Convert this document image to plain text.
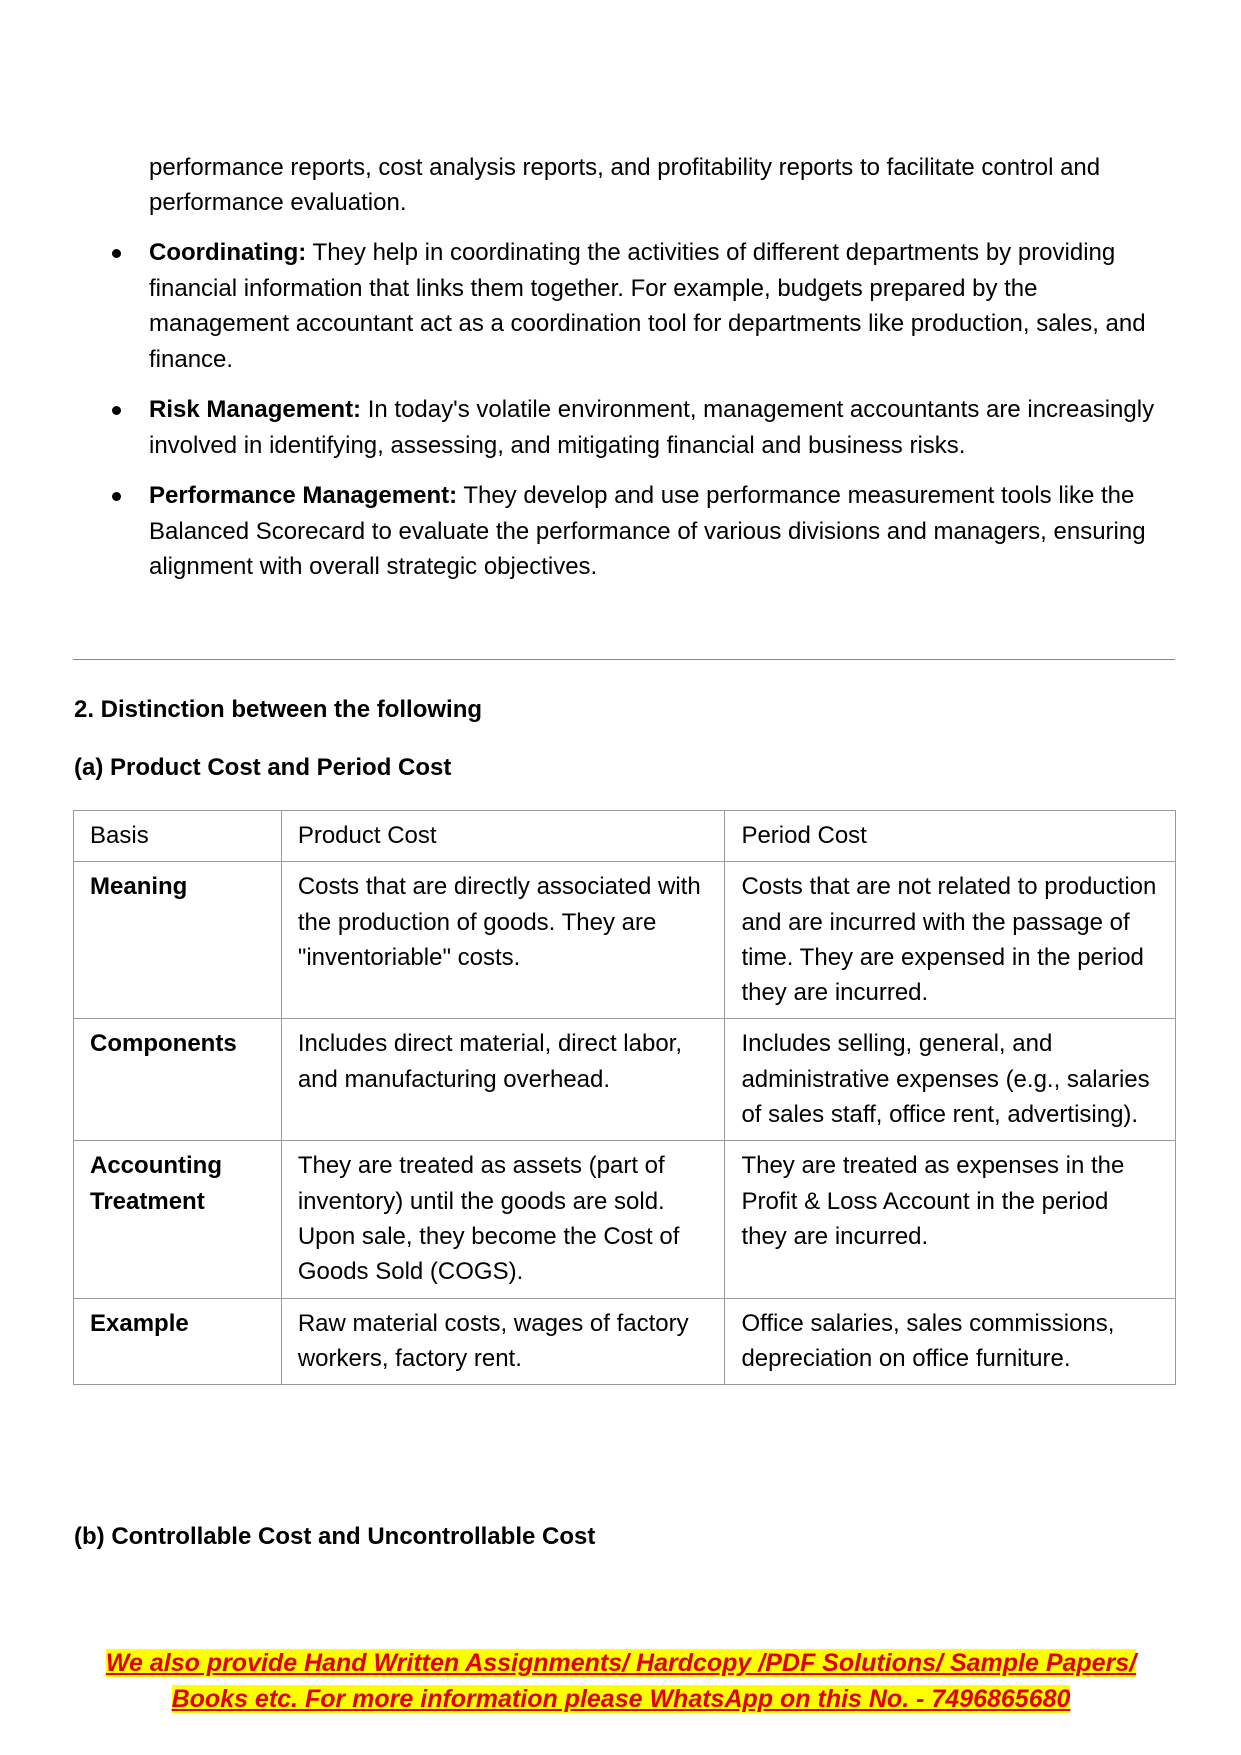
performance reports, cost analysis reports, and profitability reports to facilitate control and performance evaluation.

Coordinating: They help in coordinating the activities of different departments by providing financial information that links them together. For example, budgets prepared by the management accountant act as a coordination tool for departments like production, sales, and finance.
Risk Management: In today's volatile environment, management accountants are increasingly involved in identifying, assessing, and mitigating financial and business risks.
Performance Management: They develop and use performance measurement tools like the Balanced Scorecard to evaluate the performance of various divisions and managers, ensuring alignment with overall strategic objectives.
2. Distinction between the following
(a) Product Cost and Period Cost
Basis	Product Cost	Period Cost
Meaning	Costs that are directly associated with the production of goods. They are "inventoriable" costs.	Costs that are not related to production and are incurred with the passage of time. They are expensed in the period they are incurred.
Components	Includes direct material, direct labor, and manufacturing overhead.	Includes selling, general, and administrative expenses (e.g., salaries of sales staff, office rent, advertising).
Accounting Treatment	They are treated as assets (part of inventory) until the goods are sold. Upon sale, they become the Cost of Goods Sold (COGS).	They are treated as expenses in the Profit & Loss Account in the period they are incurred.
Example	Raw material costs, wages of factory workers, factory rent.	Office salaries, sales commissions, depreciation on office furniture.
(b) Controllable Cost and Uncontrollable Cost
We also provide Hand Written Assignments/ Hardcopy /PDF Solutions/ Sample Papers/
Books etc. For more information please WhatsApp on this No. - 7496865680
